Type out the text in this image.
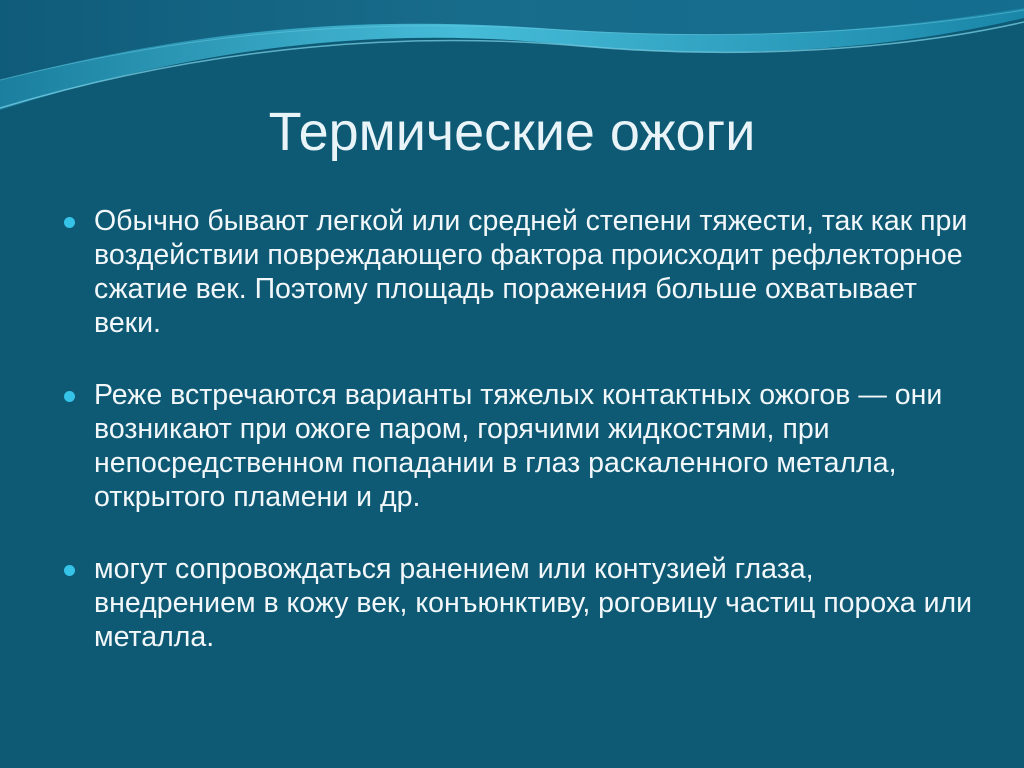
Термические ожоги
Обычно бывают легкой или средней степени тяжести, так как при воздействии повреждающего фактора происходит рефлекторное сжатие век. Поэтому площадь поражения больше охватывает веки.
Реже встречаются варианты тяжелых контактных ожогов — они возникают при ожоге паром, горячими жидкостями, при непосредственном попадании в глаз раскаленного металла, открытого пламени и др.
могут сопровождаться ранением или контузией глаза, внедрением в кожу век, конъюнктиву, роговицу частиц пороха или металла.
